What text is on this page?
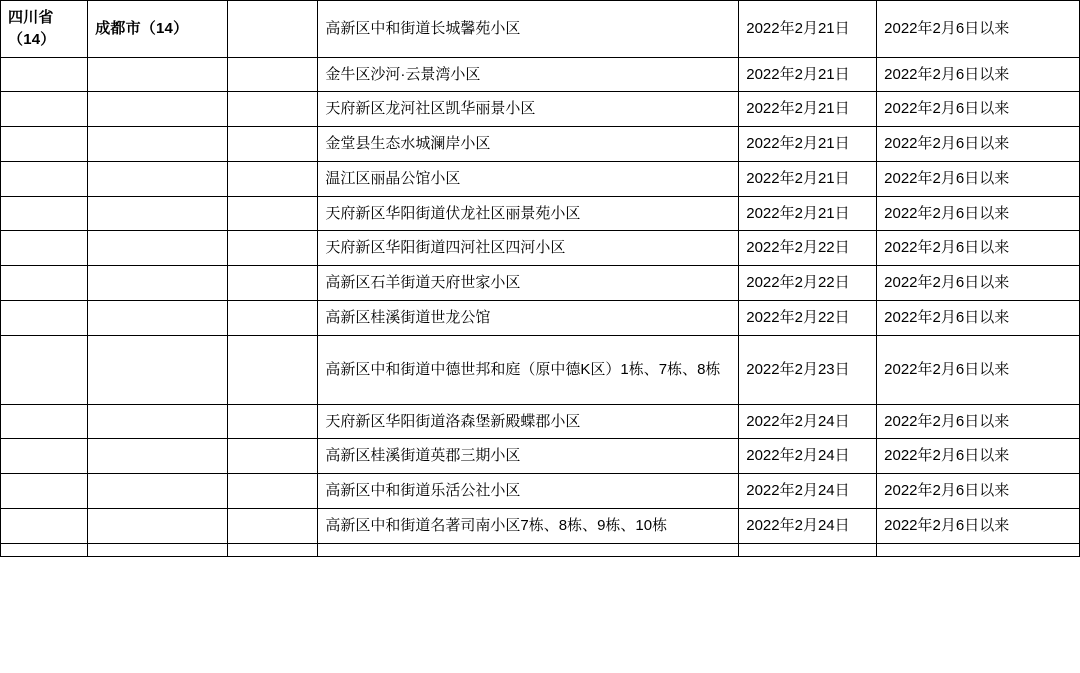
四川省（14）	成都市（14）		高新区中和街道长城馨苑小区	2022年2月21日	2022年2月6日以来
			金牛区沙河·云景湾小区	2022年2月21日	2022年2月6日以来
			天府新区龙河社区凯华丽景小区	2022年2月21日	2022年2月6日以来
			金堂县生态水城澜岸小区	2022年2月21日	2022年2月6日以来
			温江区丽晶公馆小区	2022年2月21日	2022年2月6日以来
			天府新区华阳街道伏龙社区丽景苑小区	2022年2月21日	2022年2月6日以来
			天府新区华阳街道四河社区四河小区	2022年2月22日	2022年2月6日以来
			高新区石羊街道天府世家小区	2022年2月22日	2022年2月6日以来
			高新区桂溪街道世龙公馆	2022年2月22日	2022年2月6日以来
			高新区中和街道中德世邦和庭（原中德K区）1栋、7栋、8栋	2022年2月23日	2022年2月6日以来
			天府新区华阳街道洛森堡新殿蝶郡小区	2022年2月24日	2022年2月6日以来
			高新区桂溪街道英郡三期小区	2022年2月24日	2022年2月6日以来
			高新区中和街道乐活公社小区	2022年2月24日	2022年2月6日以来
			高新区中和街道名著司南小区7栋、8栋、9栋、10栋	2022年2月24日	2022年2月6日以来
